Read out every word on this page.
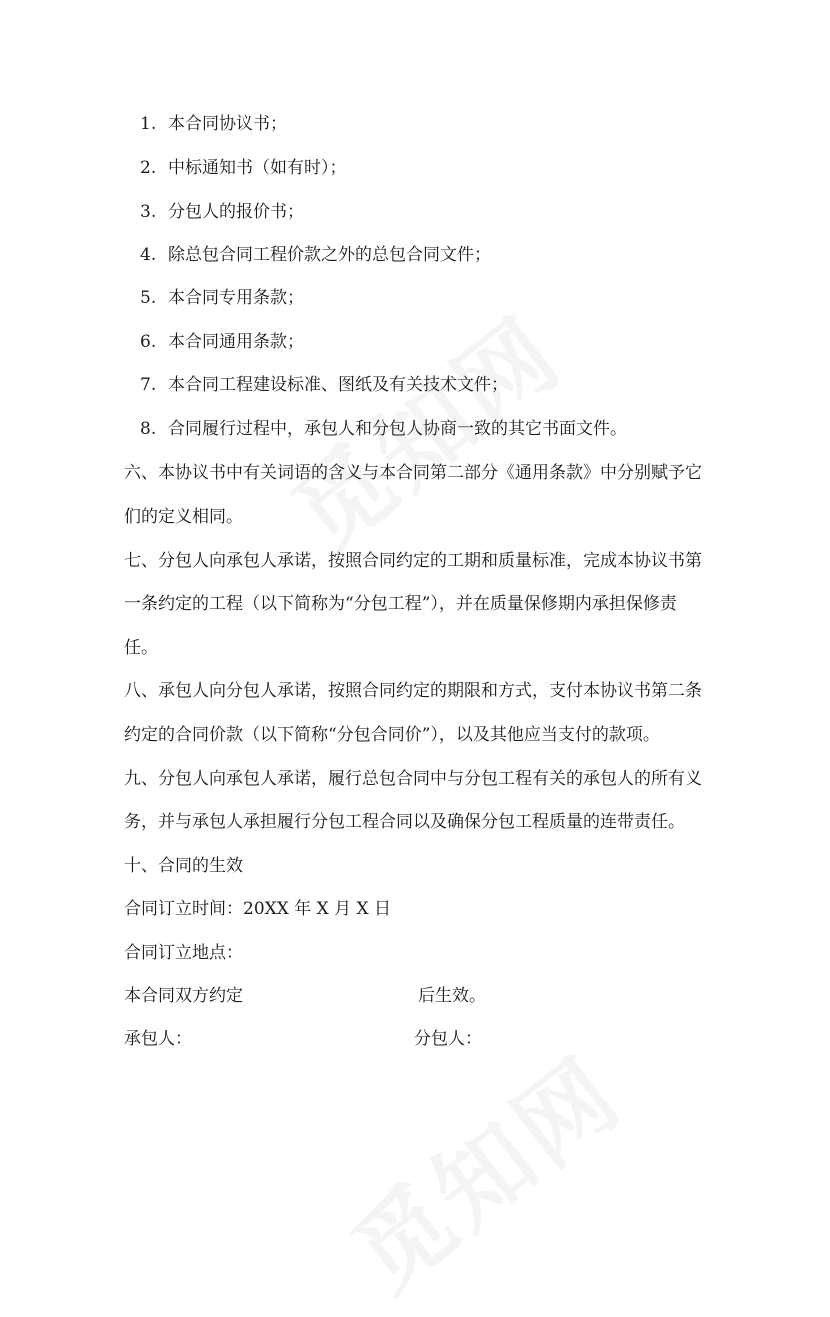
1. 本合同协议书；
2. 中标通知书（如有时）；
3. 分包人的报价书；
4. 除总包合同工程价款之外的总包合同文件；
5. 本合同专用条款；
6. 本合同通用条款；
7. 本合同工程建设标准、图纸及有关技术文件；
8. 合同履行过程中，承包人和分包人协商一致的其它书面文件。
六、本协议书中有关词语的含义与本合同第二部分《通用条款》中分别赋予它
们的定义相同。
七、分包人向承包人承诺，按照合同约定的工期和质量标准，完成本协议书第
一条约定的工程（以下简称为“分包工程”），并在质量保修期内承担保修责
任。
八、承包人向分包人承诺，按照合同约定的期限和方式，支付本协议书第二条
约定的合同价款（以下简称“分包合同价”），以及其他应当支付的款项。
九、分包人向承包人承诺，履行总包合同中与分包工程有关的承包人的所有义
务，并与承包人承担履行分包工程合同以及确保分包工程质量的连带责任。
十、合同的生效
合同订立时间：20XX 年 X 月 X 日
合同订立地点：
本合同双方约定	后生效。
承包人：	分包人：
